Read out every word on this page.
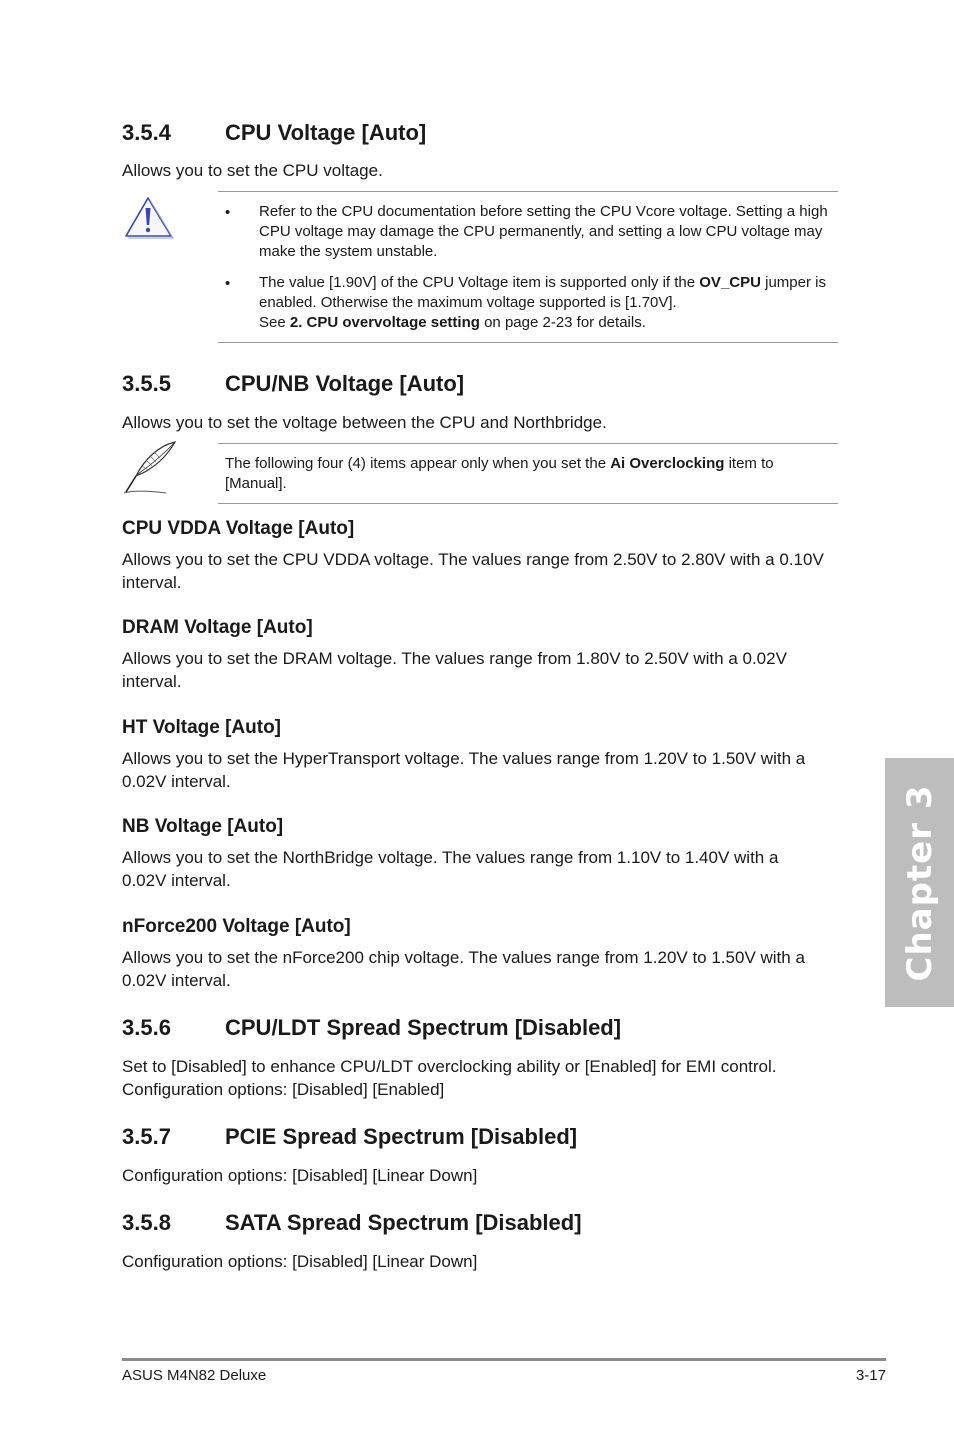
3.5.4 CPU Voltage [Auto]
Allows you to set the CPU voltage.
• Refer to the CPU documentation before setting the CPU Vcore voltage. Setting a high
CPU voltage may damage the CPU permanently, and setting a low CPU voltage may
make the system unstable.
• The value [1.90V] of the CPU Voltage item is supported only if the OV_CPU jumper is
enabled. Otherwise the maximum voltage supported is [1.70V].
See 2. CPU overvoltage setting on page 2-23 for details.
3.5.5 CPU/NB Voltage [Auto]
Allows you to set the voltage between the CPU and Northbridge.
The following four (4) items appear only when you set the Ai Overclocking item to
[Manual].
CPU VDDA Voltage [Auto]
Allows you to set the CPU VDDA voltage. The values range from 2.50V to 2.80V with a 0.10V
interval.
DRAM Voltage [Auto]
Allows you to set the DRAM voltage. The values range from 1.80V to 2.50V with a 0.02V
interval.
HT Voltage [Auto]
Allows you to set the HyperTransport voltage. The values range from 1.20V to 1.50V with a
0.02V interval.
NB Voltage [Auto]
Allows you to set the NorthBridge voltage. The values range from 1.10V to 1.40V with a
0.02V interval.
nForce200 Voltage [Auto]
Allows you to set the nForce200 chip voltage. The values range from 1.20V to 1.50V with a
0.02V interval.
3.5.6 CPU/LDT Spread Spectrum [Disabled]
Set to [Disabled] to enhance CPU/LDT overclocking ability or [Enabled] for EMI control.
Configuration options: [Disabled] [Enabled]
3.5.7 PCIE Spread Spectrum [Disabled]
Configuration options: [Disabled] [Linear Down]
3.5.8 SATA Spread Spectrum [Disabled]
Configuration options: [Disabled] [Linear Down]
Chapter 3
ASUS M4N82 Deluxe	3-17
